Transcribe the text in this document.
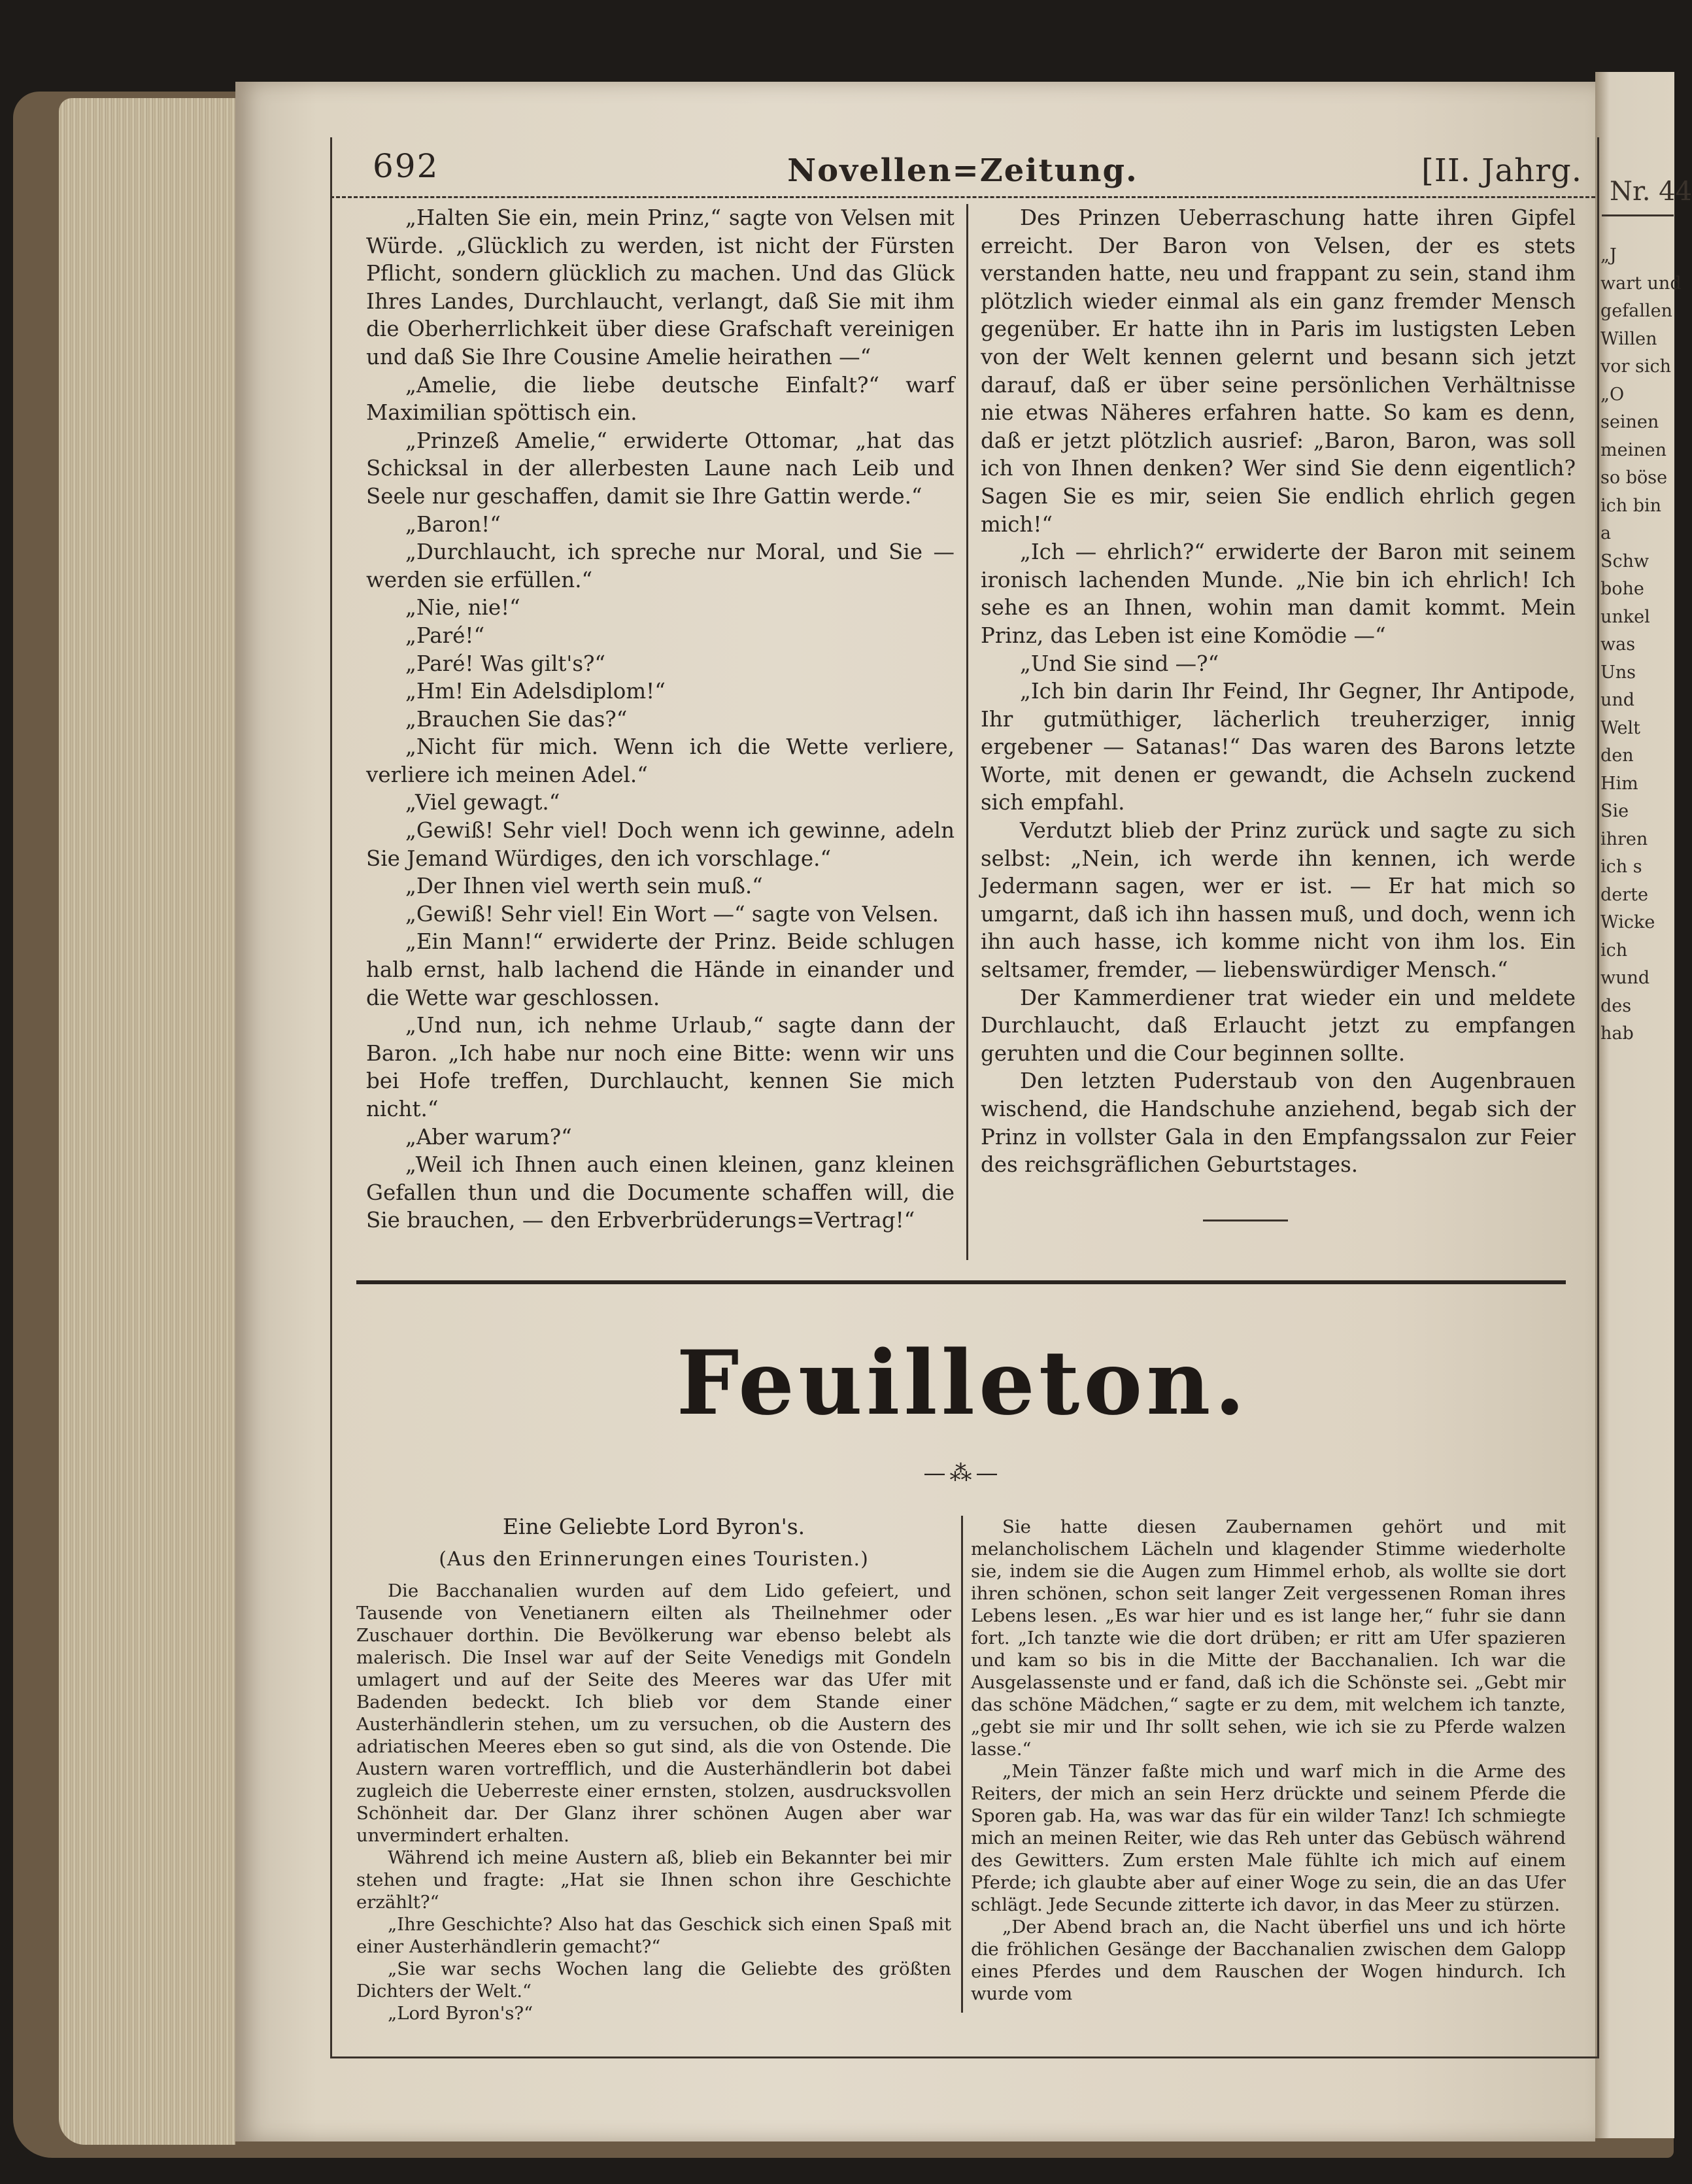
Nr. 44
„J
wart und
gefallen
Willen
vor sich
„O
seinen
meinen
so böse
ich bin
a
Schw
bohe
unkel
was
Uns
und
Welt
den
Him
Sie
ihren
ich s
derte
Wicke
ich
wund
des
hab
692	Novellen=Zeitung.	[II. Jahrg.

„Halten Sie ein, mein Prinz,“ sagte von Velsen mit Würde. „Glücklich zu werden, ist nicht der Fürsten Pflicht, sondern glücklich zu machen. Und das Glück Ihres Landes, Durchlaucht, verlangt, daß Sie mit ihm die Oberherrlichkeit über diese Grafschaft vereinigen und daß Sie Ihre Cousine Amelie heirathen —“

„Amelie, die liebe deutsche Einfalt?“ warf Maximilian spöttisch ein.

„Prinzeß Amelie,“ erwiderte Ottomar, „hat das Schicksal in der allerbesten Laune nach Leib und Seele nur geschaffen, damit sie Ihre Gattin werde.“

„Baron!“

„Durchlaucht, ich spreche nur Moral, und Sie — werden sie erfüllen.“

„Nie, nie!“

„Paré!“

„Paré! Was gilt's?“

„Hm! Ein Adelsdiplom!“

„Brauchen Sie das?“

„Nicht für mich. Wenn ich die Wette verliere, verliere ich meinen Adel.“

„Viel gewagt.“

„Gewiß! Sehr viel! Doch wenn ich gewinne, adeln Sie Jemand Würdiges, den ich vorschlage.“

„Der Ihnen viel werth sein muß.“

„Gewiß! Sehr viel! Ein Wort —“ sagte von Velsen.

„Ein Mann!“ erwiderte der Prinz. Beide schlugen halb ernst, halb lachend die Hände in einander und die Wette war geschlossen.

„Und nun, ich nehme Urlaub,“ sagte dann der Baron. „Ich habe nur noch eine Bitte: wenn wir uns bei Hofe treffen, Durchlaucht, kennen Sie mich nicht.“

„Aber warum?“

„Weil ich Ihnen auch einen kleinen, ganz kleinen Gefallen thun und die Documente schaffen will, die Sie brauchen, — den Erbverbrüderungs=Vertrag!“

Des Prinzen Ueberraschung hatte ihren Gipfel erreicht. Der Baron von Velsen, der es stets verstanden hatte, neu und frappant zu sein, stand ihm plötzlich wieder einmal als ein ganz fremder Mensch gegenüber. Er hatte ihn in Paris im lustigsten Leben von der Welt kennen gelernt und besann sich jetzt darauf, daß er über seine persönlichen Verhältnisse nie etwas Näheres erfahren hatte. So kam es denn, daß er jetzt plötzlich ausrief: „Baron, Baron, was soll ich von Ihnen denken? Wer sind Sie denn eigentlich? Sagen Sie es mir, seien Sie endlich ehrlich gegen mich!“

„Ich — ehrlich?“ erwiderte der Baron mit seinem ironisch lachenden Munde. „Nie bin ich ehrlich! Ich sehe es an Ihnen, wohin man damit kommt. Mein Prinz, das Leben ist eine Komödie —“

„Und Sie sind —?“

„Ich bin darin Ihr Feind, Ihr Gegner, Ihr Antipode, Ihr gutmüthiger, lächerlich treuherziger, innig ergebener — Satanas!“ Das waren des Barons letzte Worte, mit denen er gewandt, die Achseln zuckend sich empfahl.

Verdutzt blieb der Prinz zurück und sagte zu sich selbst: „Nein, ich werde ihn kennen, ich werde Jedermann sagen, wer er ist. — Er hat mich so umgarnt, daß ich ihn hassen muß, und doch, wenn ich ihn auch hasse, ich komme nicht von ihm los. Ein seltsamer, fremder, — liebenswürdiger Mensch.“

Der Kammerdiener trat wieder ein und meldete Durchlaucht, daß Erlaucht jetzt zu empfangen geruhten und die Cour beginnen sollte.

Den letzten Puderstaub von den Augenbrauen wischend, die Handschuhe anziehend, begab sich der Prinz in vollster Gala in den Empfangssalon zur Feier des reichsgräflichen Geburtstages.

Feuilleton.
—⁂—
Eine Geliebte Lord Byron's.
(Aus den Erinnerungen eines Touristen.)

Die Bacchanalien wurden auf dem Lido gefeiert, und Tausende von Venetianern eilten als Theilnehmer oder Zuschauer dorthin. Die Bevölkerung war ebenso belebt als malerisch. Die Insel war auf der Seite Venedigs mit Gondeln umlagert und auf der Seite des Meeres war das Ufer mit Badenden bedeckt. Ich blieb vor dem Stande einer Austerhändlerin stehen, um zu versuchen, ob die Austern des adriatischen Meeres eben so gut sind, als die von Ostende. Die Austern waren vortrefflich, und die Austerhändlerin bot dabei zugleich die Ueberreste einer ernsten, stolzen, ausdrucksvollen Schönheit dar. Der Glanz ihrer schönen Augen aber war unvermindert erhalten.

Während ich meine Austern aß, blieb ein Bekannter bei mir stehen und fragte: „Hat sie Ihnen schon ihre Geschichte erzählt?“

„Ihre Geschichte? Also hat das Geschick sich einen Spaß mit einer Austerhändlerin gemacht?“

„Sie war sechs Wochen lang die Geliebte des größten Dichters der Welt.“

„Lord Byron's?“

Sie hatte diesen Zaubernamen gehört und mit melancholischem Lächeln und klagender Stimme wiederholte sie, indem sie die Augen zum Himmel erhob, als wollte sie dort ihren schönen, schon seit langer Zeit vergessenen Roman ihres Lebens lesen. „Es war hier und es ist lange her,“ fuhr sie dann fort. „Ich tanzte wie die dort drüben; er ritt am Ufer spazieren und kam so bis in die Mitte der Bacchanalien. Ich war die Ausgelassenste und er fand, daß ich die Schönste sei. „Gebt mir das schöne Mädchen,“ sagte er zu dem, mit welchem ich tanzte, „gebt sie mir und Ihr sollt sehen, wie ich sie zu Pferde walzen lasse.“

„Mein Tänzer faßte mich und warf mich in die Arme des Reiters, der mich an sein Herz drückte und seinem Pferde die Sporen gab. Ha, was war das für ein wilder Tanz! Ich schmiegte mich an meinen Reiter, wie das Reh unter das Gebüsch während des Gewitters. Zum ersten Male fühlte ich mich auf einem Pferde; ich glaubte aber auf einer Woge zu sein, die an das Ufer schlägt. Jede Secunde zitterte ich davor, in das Meer zu stürzen.

„Der Abend brach an, die Nacht überfiel uns und ich hörte die fröhlichen Gesänge der Bacchanalien zwischen dem Galopp eines Pferdes und dem Rauschen der Wogen hindurch. Ich wurde vom
